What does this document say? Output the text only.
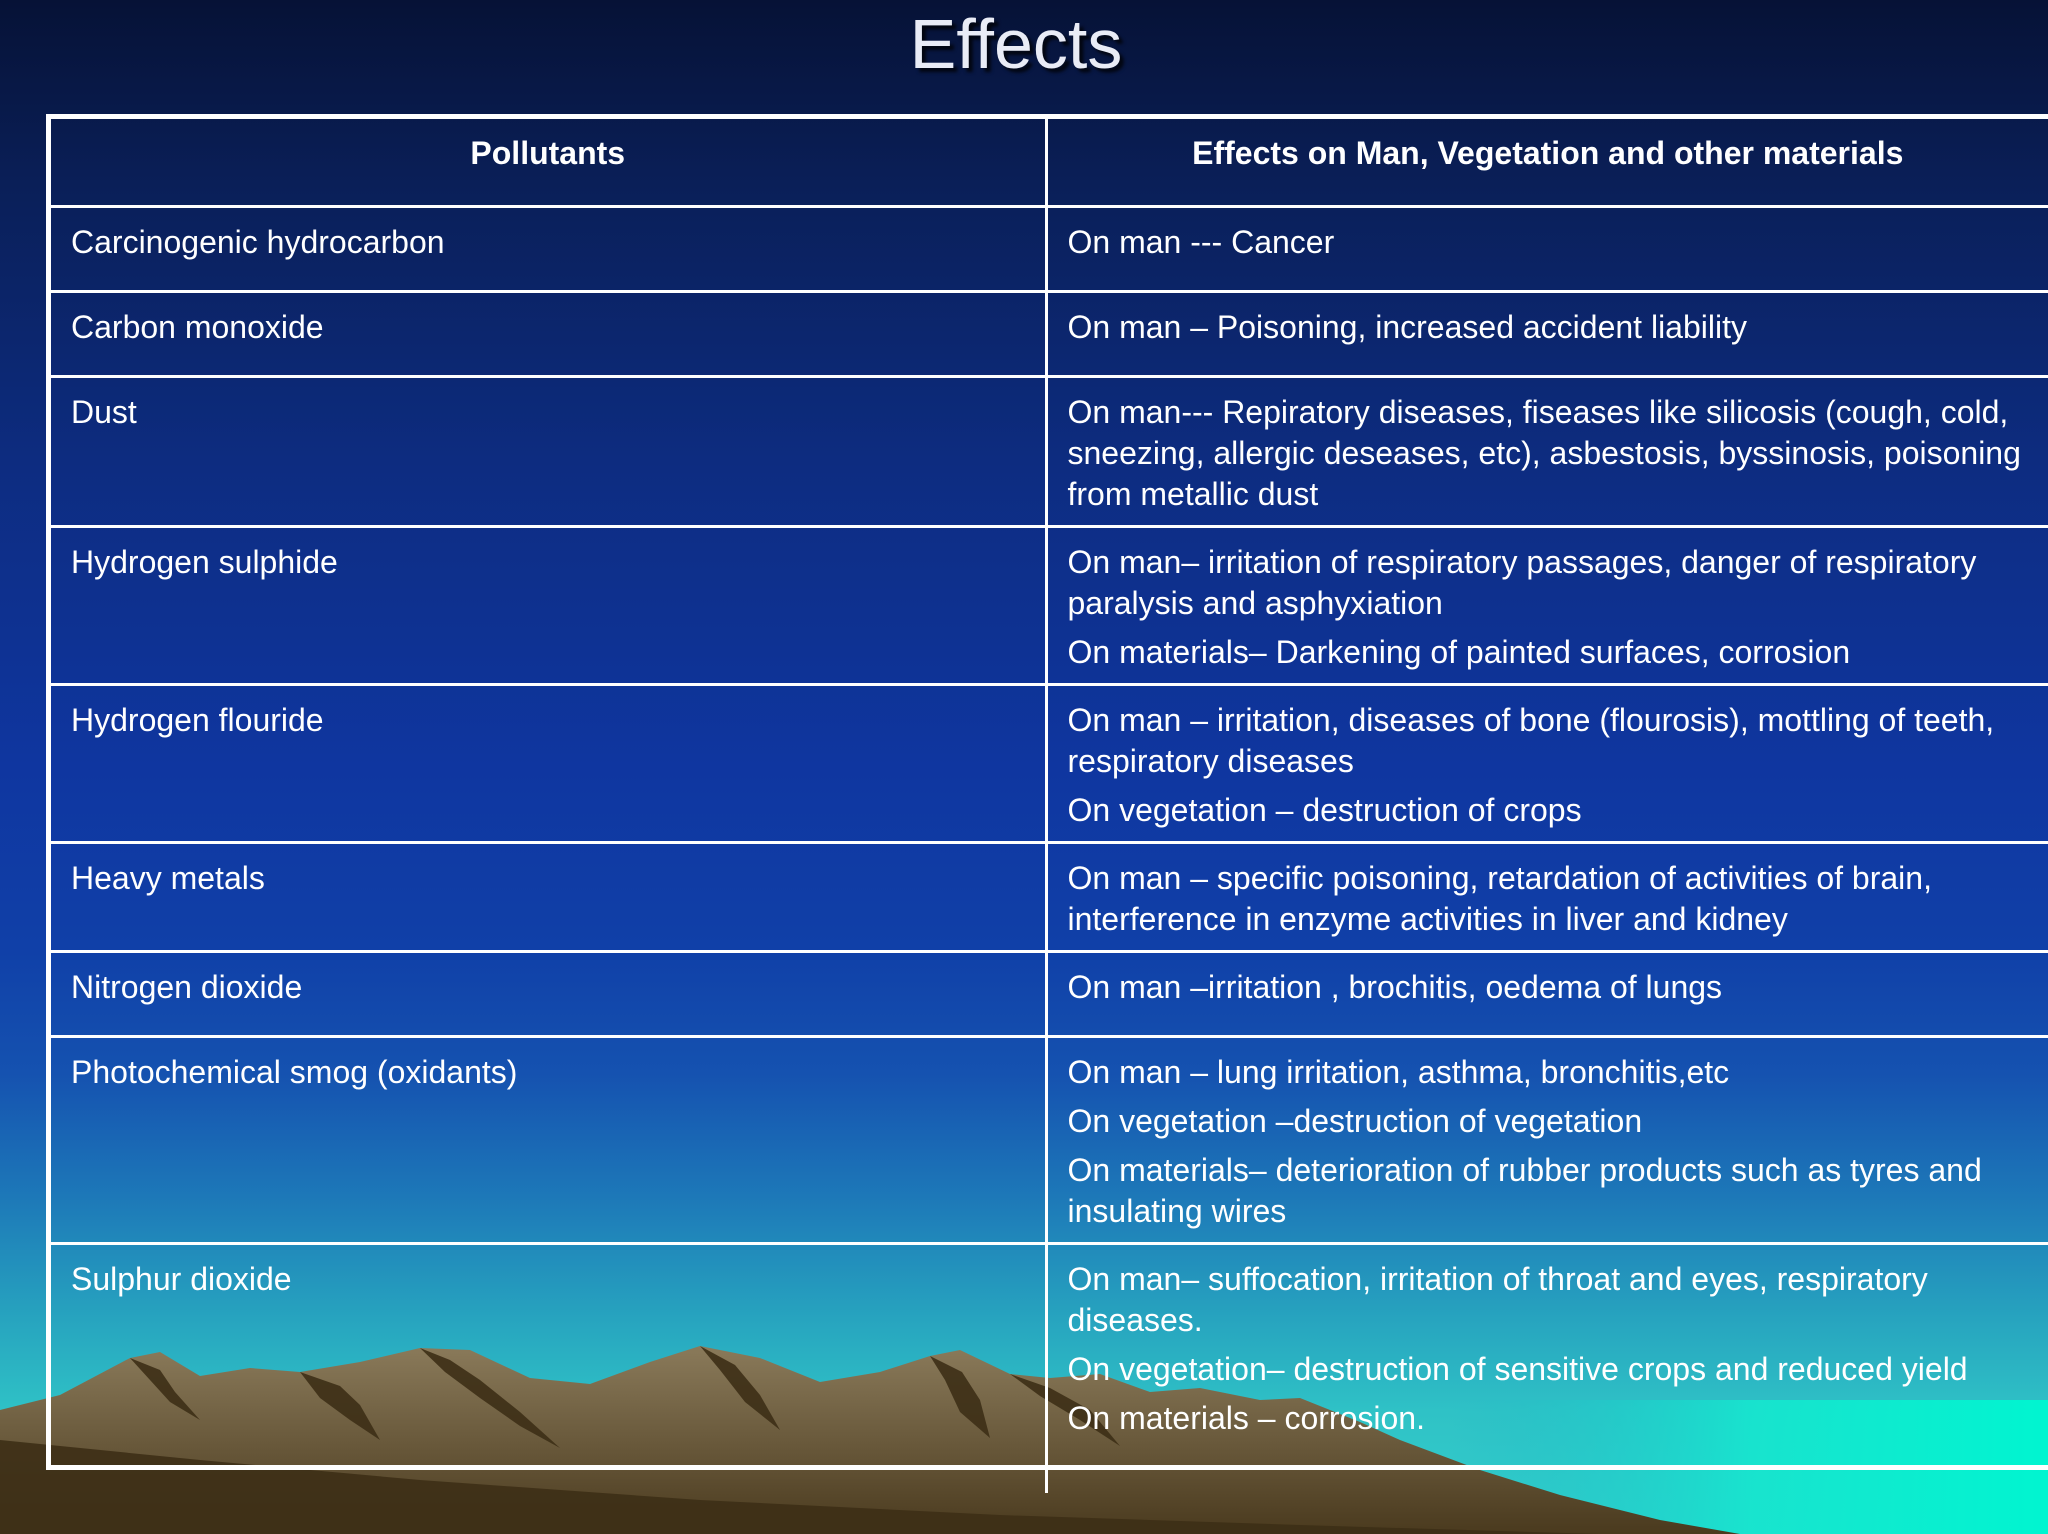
Effects
Pollutants	Effects on Man, Vegetation and other materials
Carcinogenic hydrocarbon	On man --- Cancer

Carbon monoxide	On man – Poisoning, increased accident liability

Dust	On man--- Repiratory diseases, fiseases like silicosis (cough, cold, sneezing, allergic deseases, etc), asbestosis, byssinosis, poisoning from metallic dust

Hydrogen sulphide	On man– irritation of respiratory passages, danger of respiratory paralysis and asphyxiation

On materials– Darkening of painted surfaces, corrosion

Hydrogen flouride	On man – irritation, diseases of bone (flourosis), mottling of teeth, respiratory diseases

On vegetation – destruction of crops

Heavy metals	On man – specific poisoning, retardation of activities of brain, interference in enzyme activities in liver and kidney

Nitrogen dioxide	On man –irritation , brochitis, oedema of lungs

Photochemical smog (oxidants)	On man – lung irritation, asthma, bronchitis,etc

On vegetation –destruction of vegetation

On materials– deterioration of rubber products such as tyres and insulating wires

Sulphur dioxide	On man– suffocation, irritation of throat and eyes, respiratory diseases.

On vegetation– destruction of sensitive crops and reduced yield

On materials – corrosion.
